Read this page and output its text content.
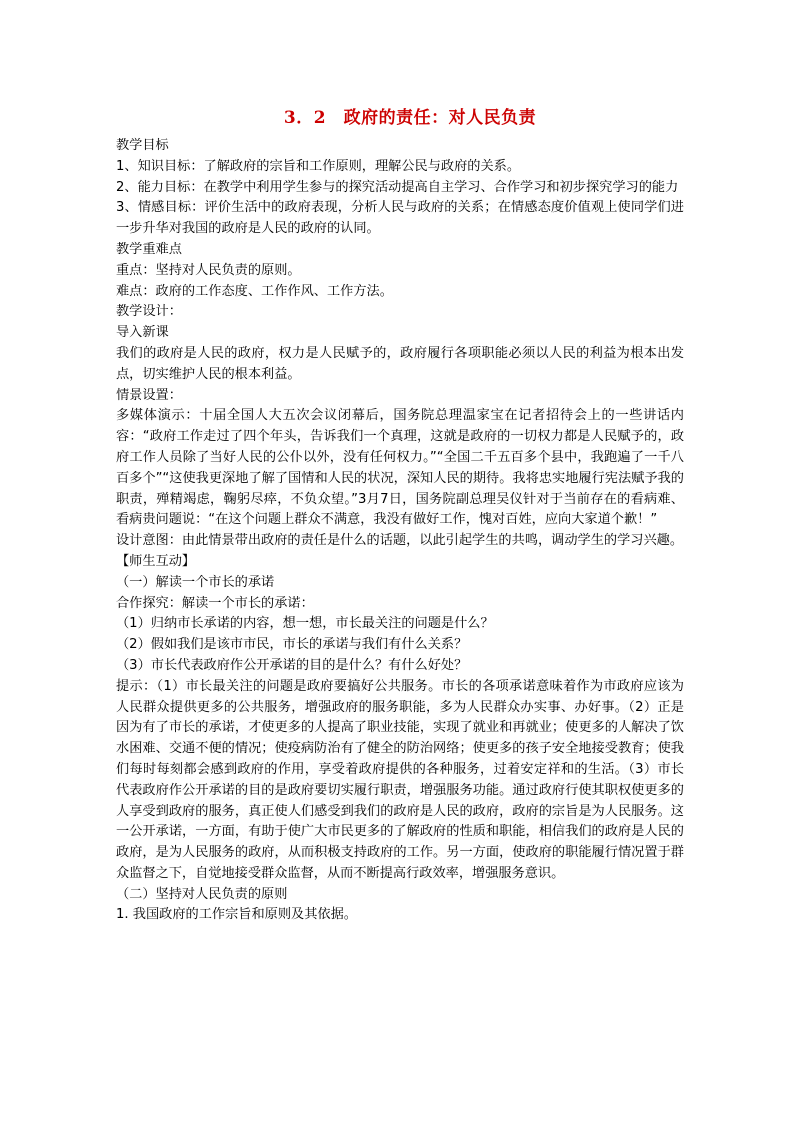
3．2　政府的责任：对人民负责

教学目标

1、知识目标：了解政府的宗旨和工作原则，理解公民与政府的关系。

2、能力目标：在教学中利用学生参与的探究活动提高自主学习、合作学习和初步探究学习的能力

3、情感目标：评价生活中的政府表现，分析人民与政府的关系；在情感态度价值观上使同学们进一步升华对我国的政府是人民的政府的认同。

教学重难点

重点：坚持对人民负责的原则。

难点：政府的工作态度、工作作风、工作方法。

教学设计：

导入新课

我们的政府是人民的政府，权力是人民赋予的，政府履行各项职能必须以人民的利益为根本出发点，切实维护人民的根本利益。

情景设置：

多媒体演示：十届全国人大五次会议闭幕后，国务院总理温家宝在记者招待会上的一些讲话内容：“政府工作走过了四个年头，告诉我们一个真理，这就是政府的一切权力都是人民赋予的，政府工作人员除了当好人民的公仆以外，没有任何权力。”“全国二千五百多个县中，我跑遍了一千八百多个”“这使我更深地了解了国情和人民的状况，深知人民的期待。我将忠实地履行宪法赋予我的职责，殚精竭虑，鞠躬尽瘁，不负众望。”3月7日，国务院副总理吴仪针对于当前存在的看病难、看病贵问题说：“在这个问题上群众不满意，我没有做好工作，愧对百姓，应向大家道个歉！”

设计意图：由此情景带出政府的责任是什么的话题，以此引起学生的共鸣，调动学生的学习兴趣。

【师生互动】

（一）解读一个市长的承诺

合作探究：解读一个市长的承诺：

（1）归纳市长承诺的内容，想一想，市长最关注的问题是什么？

（2）假如我们是该市市民，市长的承诺与我们有什么关系？

（3）市长代表政府作公开承诺的目的是什么？有什么好处？

提示：（1）市长最关注的问题是政府要搞好公共服务。市长的各项承诺意味着作为市政府应该为人民群众提供更多的公共服务，增强政府的服务职能，多为人民群众办实事、办好事。（2）正是因为有了市长的承诺，才使更多的人提高了职业技能，实现了就业和再就业；使更多的人解决了饮水困难、交通不便的情况；使疫病防治有了健全的防治网络；使更多的孩子安全地接受教育；使我们每时每刻都会感到政府的作用，享受着政府提供的各种服务，过着安定祥和的生活。（3）市长代表政府作公开承诺的目的是政府要切实履行职责，增强服务功能。通过政府行使其职权使更多的人享受到政府的服务，真正使人们感受到我们的政府是人民的政府，政府的宗旨是为人民服务。这一公开承诺，一方面，有助于使广大市民更多的了解政府的性质和职能，相信我们的政府是人民的政府，是为人民服务的政府，从而积极支持政府的工作。另一方面，使政府的职能履行情况置于群众监督之下，自觉地接受群众监督，从而不断提高行政效率，增强服务意识。

（二）坚持对人民负责的原则

1. 我国政府的工作宗旨和原则及其依据。
